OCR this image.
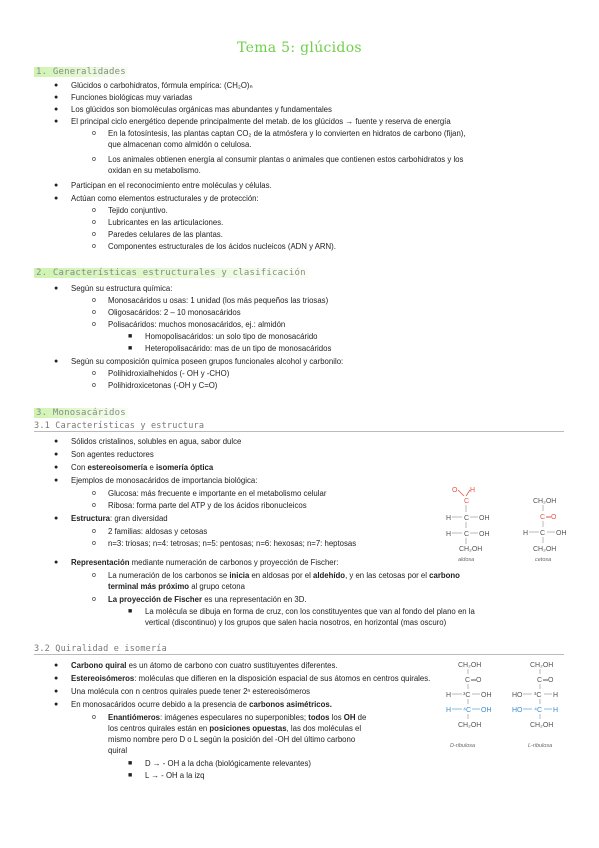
Tema 5: glúcidos
1. Generalidades
● Glúcidos o carbohidratos, fórmula empírica: (CH₂O)ₙ
● Funciones biológicas muy variadas
● Los glúcidos son biomoléculas orgánicas mas abundantes y fundamentales
● El principal ciclo energético depende principalmente del metab. de los glúcidos → fuente y reserva de energía
o En la fotosíntesis, las plantas captan CO₂ de la atmósfera y lo convierten en hidratos de carbono (fijan),
que almacenan como almidón o celulosa.
o Los animales obtienen energía al consumir plantas o animales que contienen estos carbohidratos y los
oxidan en su metabolismo.
● Participan en el reconocimiento entre moléculas y células.
● Actúan como elementos estructurales y de protección:
o Tejido conjuntivo.
o Lubricantes en las articulaciones.
o Paredes celulares de las plantas.
o Componentes estructurales de los ácidos nucleicos (ADN y ARN).
2. Características estructurales y clasificación
● Según su estructura química:
o Monosacáridos u osas: 1 unidad (los más pequeños las triosas)
o Oligosacáridos: 2 – 10 monosacáridos
o Polisacáridos: muchos monosacáridos, ej.: almidón
■ Homopolisacáridos: un solo tipo de monosacárido
■ Heteropolisacárido: mas de un tipo de monosacáridos
● Según su composición química poseen grupos funcionales alcohol y carbonilo:
o Polihidroxialhehidos (- OH y -CHO)
o Polihidroxicetonas (-OH y C=O)
3. Monosacáridos
3.1 Características y estructura
● Sólidos cristalinos, solubles en agua, sabor dulce
● Son agentes reductores
● Con estereoisomería e isomería óptica
● Ejemplos de monosacáridos de importancia biológica:
o Glucosa: más frecuente e importante en el metabolismo celular
o Ribosa: forma parte del ATP y de los ácidos ribonucleicos
● Estructura: gran diversidad
o 2 familias: aldosas y cetosas
o n=3: triosas; n=4: tetrosas; n=5: pentosas; n=6: hexosas; n=7: heptosas
O H
C
H C OH
H C OH
CH₂OH
CH₂OH
C ═O
H C OH
CH₂OH
aldosa	cetosa
● Representación mediante numeración de carbonos y proyección de Fischer:
o La numeración de los carbonos se inicia en aldosas por el aldehído, y en las cetosas por el carbono
terminal más próximo al grupo cetona
o La proyección de Fischer es una representación en 3D.
■ La molécula se dibuja en forma de cruz, con los constituyentes que van al fondo del plano en la
vertical (discontinuo) y los grupos que salen hacia nosotros, en horizontal (mas oscuro)
3.2 Quiralidad e isomería
● Carbono quiral es un átomo de carbono con cuatro sustituyentes diferentes.
● Estereoisómeros: moléculas que difieren en la disposición espacial de sus átomos en centros quirales.
● Una molécula con n centros quirales puede tener 2ⁿ estereoisómeros
● En monosacáridos ocurre debido a la presencia de carbonos asimétricos.
o Enantiómeros: imágenes especulares no superponibles; todos los OH de
los centros quirales están en posiciones opuestas, las dos moléculas el
mismo nombre pero D o L según la posición del -OH del último carbono
quiral
■ D → - OH a la dcha (biológicamente relevantes)
■ L → - OH a la izq
CH₂OH
C ═O
H ³C OH
H ⁴C OH
CH₂OH
CH₂OH
C ═O
HO ³C H
HO ⁴C H
CH₂OH
D-ribulosa	L-ribulosa
